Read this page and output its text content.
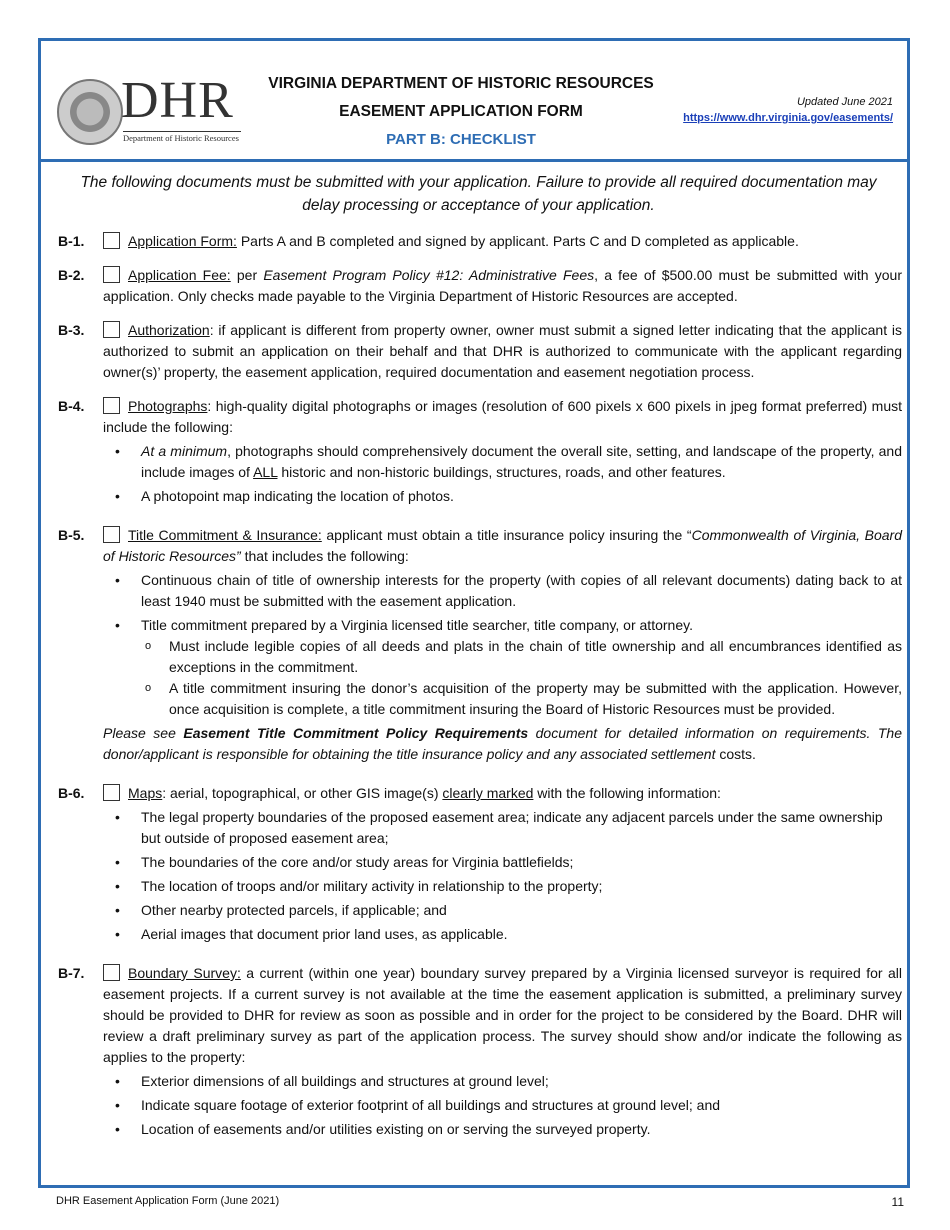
DHR
Department of Historic Resources
VIRGINIA DEPARTMENT OF HISTORIC RESOURCES
EASEMENT APPLICATION FORM
PART B: CHECKLIST
Updated June 2021
https://www.dhr.virginia.gov/easements/
The following documents must be submitted with your application. Failure to provide all required documentation may delay processing or acceptance of your application.
B-1.	Application Form: Parts A and B completed and signed by applicant. Parts C and D completed as applicable.
B-2.	Application Fee: per Easement Program Policy #12: Administrative Fees, a fee of $500.00 must be submitted with your application. Only checks made payable to the Virginia Department of Historic Resources are accepted.
B-3.	Authorization: if applicant is different from property owner, owner must submit a signed letter indicating that the applicant is authorized to submit an application on their behalf and that DHR is authorized to communicate with the applicant regarding owner(s)’ property, the easement application, required documentation and easement negotiation process.
B-4.	Photographs: high-quality digital photographs or images (resolution of 600 pixels x 600 pixels in jpeg format preferred) must include the following:
• At a minimum, photographs should comprehensively document the overall site, setting, and landscape of the property, and include images of ALL historic and non-historic buildings, structures, roads, and other features.
• A photopoint map indicating the location of photos.
B-5.	Title Commitment & Insurance: applicant must obtain a title insurance policy insuring the “Commonwealth of Virginia, Board of Historic Resources” that includes the following:
• Continuous chain of title of ownership interests for the property (with copies of all relevant documents) dating back to at least 1940 must be submitted with the easement application.
• Title commitment prepared by a Virginia licensed title searcher, title company, or attorney.
o Must include legible copies of all deeds and plats in the chain of title ownership and all encumbrances identified as exceptions in the commitment.
o A title commitment insuring the donor’s acquisition of the property may be submitted with the application. However, once acquisition is complete, a title commitment insuring the Board of Historic Resources must be provided.
Please see Easement Title Commitment Policy Requirements document for detailed information on requirements. The donor/applicant is responsible for obtaining the title insurance policy and any associated settlement costs.
B-6.	Maps: aerial, topographical, or other GIS image(s) clearly marked with the following information:
• The legal property boundaries of the proposed easement area; indicate any adjacent parcels under the same ownership but outside of proposed easement area;
• The boundaries of the core and/or study areas for Virginia battlefields;
• The location of troops and/or military activity in relationship to the property;
• Other nearby protected parcels, if applicable; and
• Aerial images that document prior land uses, as applicable.
B-7.	Boundary Survey: a current (within one year) boundary survey prepared by a Virginia licensed surveyor is required for all easement projects. If a current survey is not available at the time the easement application is submitted, a preliminary survey should be provided to DHR for review as soon as possible and in order for the project to be considered by the Board. DHR will review a draft preliminary survey as part of the application process. The survey should show and/or indicate the following as applies to the property:
• Exterior dimensions of all buildings and structures at ground level;
• Indicate square footage of exterior footprint of all buildings and structures at ground level; and
• Location of easements and/or utilities existing on or serving the surveyed property.
DHR Easement Application Form (June 2021)	11
